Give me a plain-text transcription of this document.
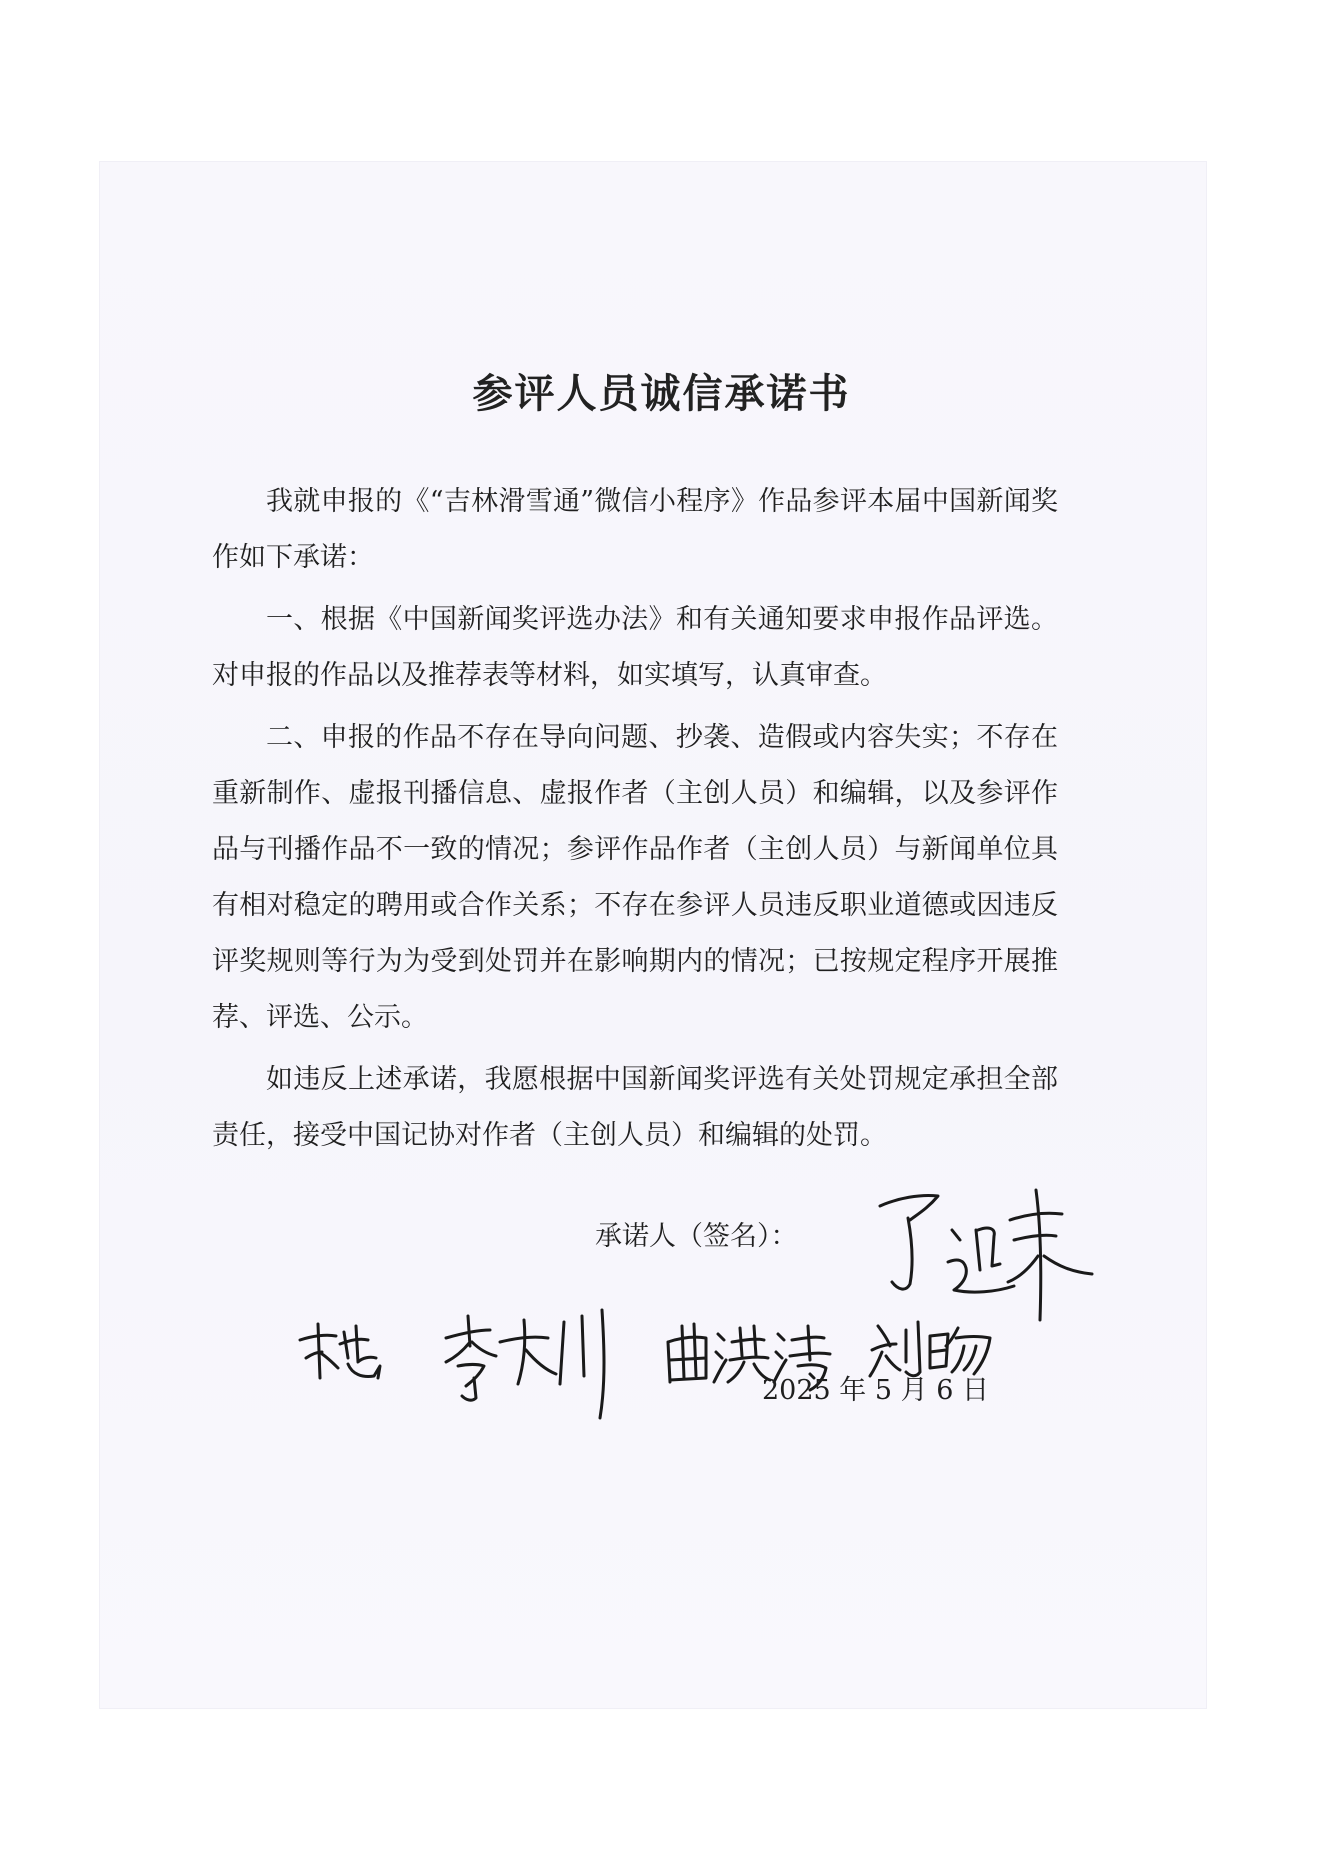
参评人员诚信承诺书

我就申报的《“吉林滑雪通”微信小程序》作品参评本届中国新闻奖作如下承诺：

一、根据《中国新闻奖评选办法》和有关通知要求申报作品评选。对申报的作品以及推荐表等材料，如实填写，认真审查。

二、申报的作品不存在导向问题、抄袭、造假或内容失实；不存在重新制作、虚报刊播信息、虚报作者（主创人员）和编辑，以及参评作品与刊播作品不一致的情况；参评作品作者（主创人员）与新闻单位具有相对稳定的聘用或合作关系；不存在参评人员违反职业道德或因违反评奖规则等行为为受到处罚并在影响期内的情况；已按规定程序开展推荐、评选、公示。

如违反上述承诺，我愿根据中国新闻奖评选有关处罚规定承担全部责任，接受中国记协对作者（主创人员）和编辑的处罚。

承诺人（签名）：
2025 年 5 月 6 日
